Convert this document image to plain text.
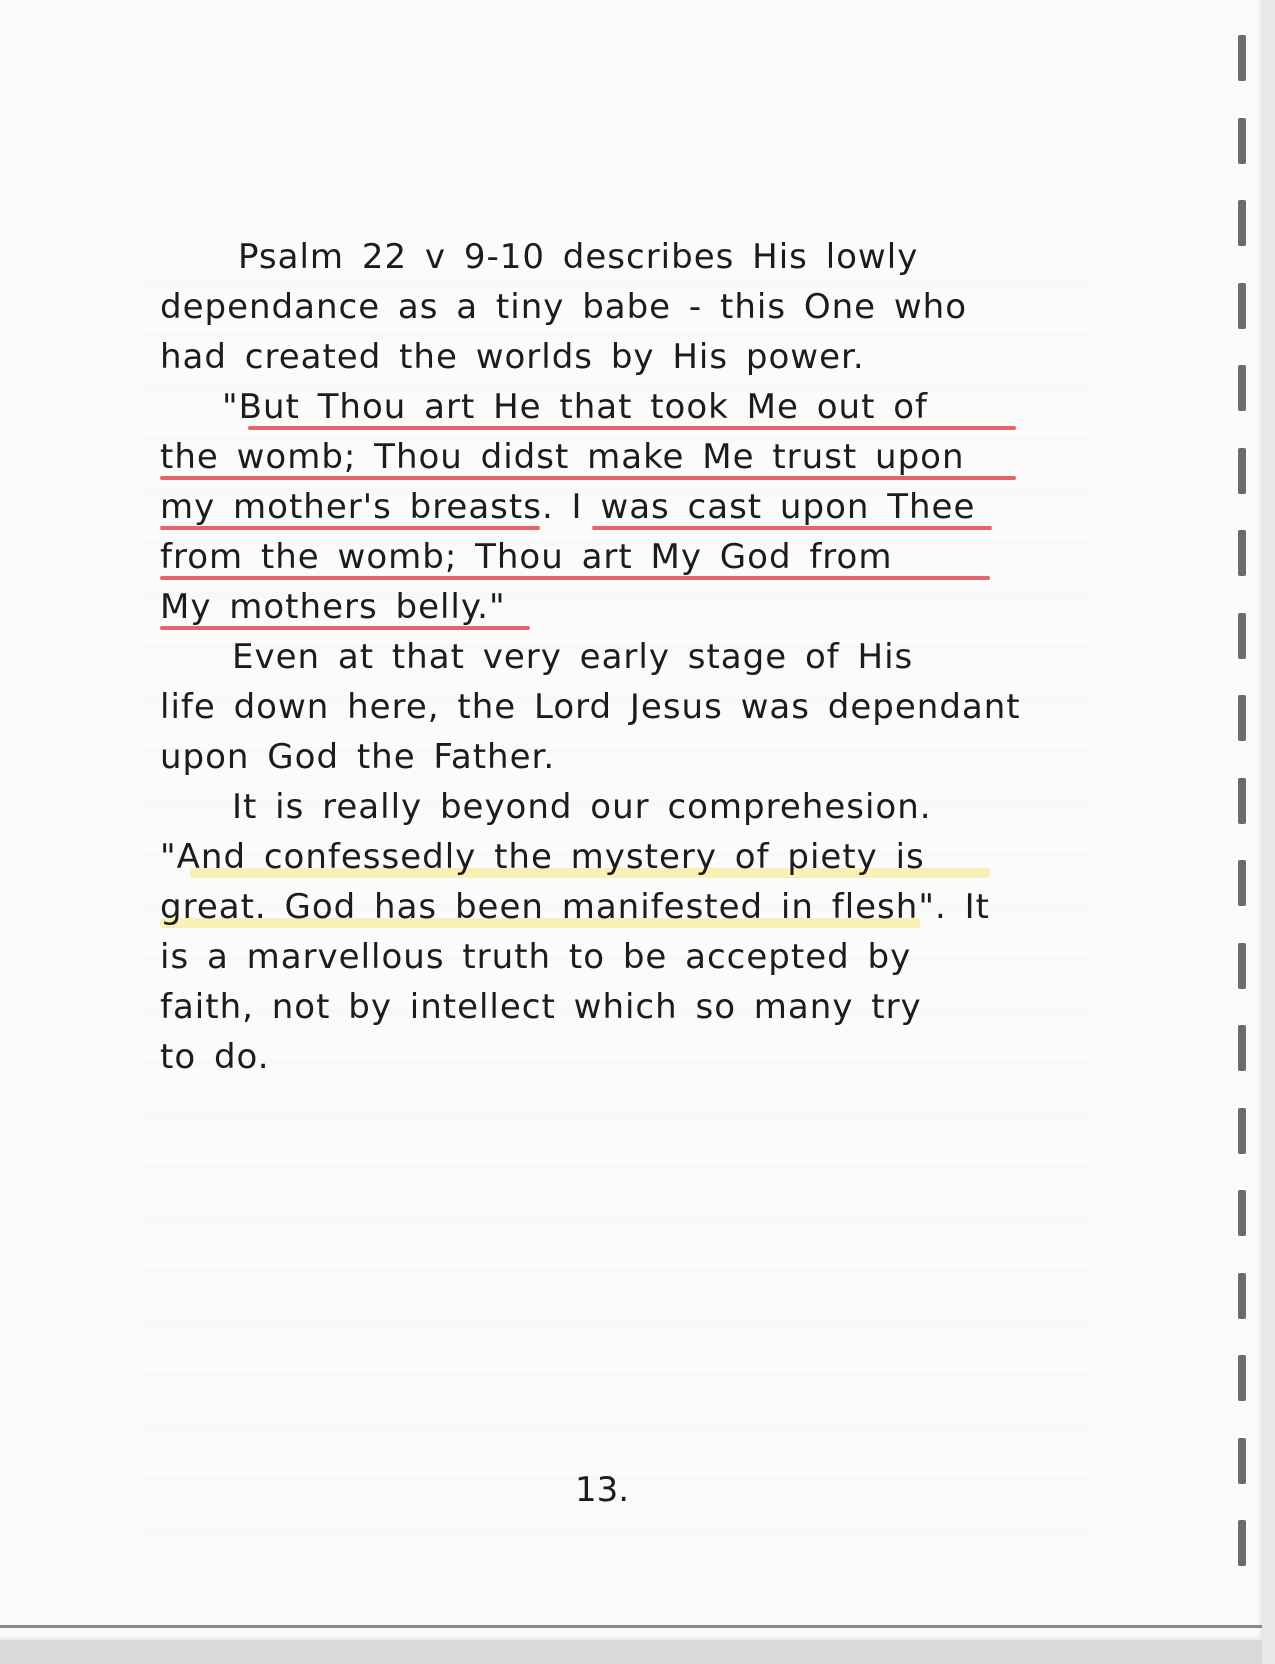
Psalm 22 v 9-10 describes His lowly
dependance as a tiny babe - this One who
had created the worlds by His power.
"But Thou art He that took Me out of
the womb; Thou didst make Me trust upon
my mother's breasts. I was cast upon Thee
from the womb; Thou art My God from
My mothers belly."
Even at that very early stage of His
life down here, the Lord Jesus was dependant
upon God the Father.
It is really beyond our comprehesion.
"And confessedly the mystery of piety is
great. God has been manifested in flesh". It
is a marvellous truth to be accepted by
faith, not by intellect which so many try
to do.
13.
